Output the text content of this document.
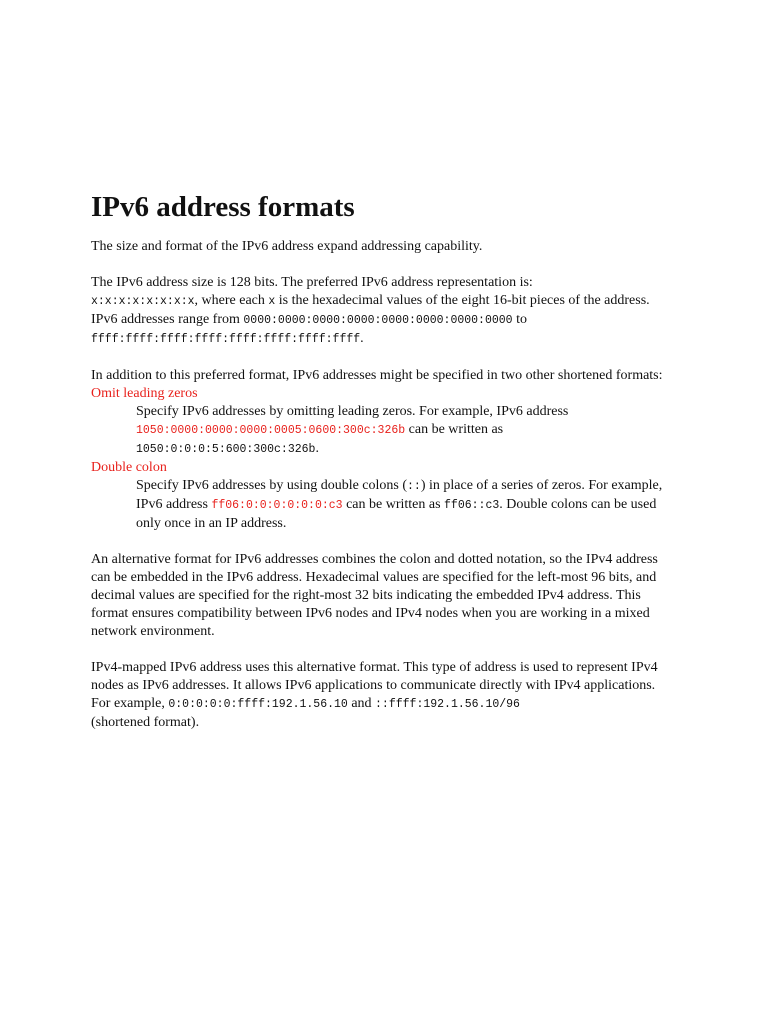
IPv6 address formats

The size and format of the IPv6 address expand addressing capability.

The IPv6 address size is 128 bits. The preferred IPv6 address representation is:
x:x:x:x:x:x:x:x, where each x is the hexadecimal values of the eight 16-bit pieces of the address. IPv6 addresses range from 0000:0000:0000:0000:0000:0000:0000:0000 to
ffff:ffff:ffff:ffff:ffff:ffff:ffff:ffff.

In addition to this preferred format, IPv6 addresses might be specified in two other shortened formats:

Omit leading zeros
Specify IPv6 addresses by omitting leading zeros. For example, IPv6 address
1050:0000:0000:0000:0005:0600:300c:326b can be written as
1050:0:0:0:5:600:300c:326b.
Double colon
Specify IPv6 addresses by using double colons (::) in place of a series of zeros. For example, IPv6 address ff06:0:0:0:0:0:0:c3 can be written as ff06::c3. Double colons can be used only once in an IP address.

An alternative format for IPv6 addresses combines the colon and dotted notation, so the IPv4 address can be embedded in the IPv6 address. Hexadecimal values are specified for the left-most 96 bits, and decimal values are specified for the right-most 32 bits indicating the embedded IPv4 address. This format ensures compatibility between IPv6 nodes and IPv4 nodes when you are working in a mixed network environment.

IPv4-mapped IPv6 address uses this alternative format. This type of address is used to represent IPv4 nodes as IPv6 addresses. It allows IPv6 applications to communicate directly with IPv4 applications. For example, 0:0:0:0:0:ffff:192.1.56.10 and ::ffff:192.1.56.10/96
(shortened format).
